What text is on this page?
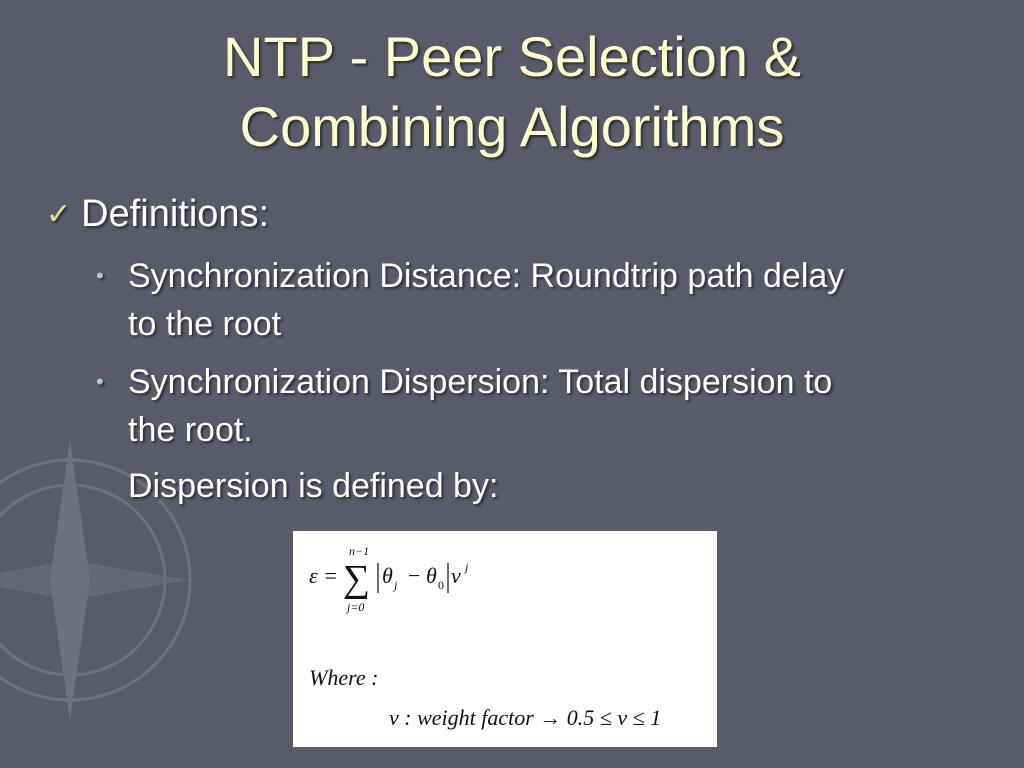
NTP - Peer Selection &
Combining Algorithms
✓ Definitions:
• Synchronization Distance: Roundtrip path delay
to the root
• Synchronization Dispersion: Total dispersion to
the root.
Dispersion is defined by:
ε =
n−1
∑
j=0
θ j − θ 0 ν j
Where :
ν : weight factor → 0.5 ≤ ν ≤ 1
